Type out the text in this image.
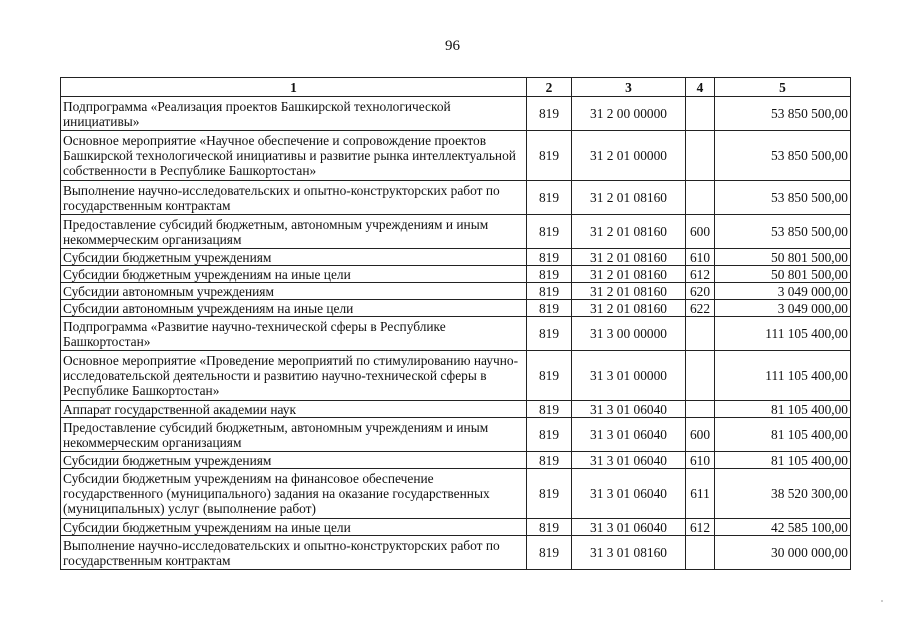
96
1	2	3	4	5
Подпрограмма «Реализация проектов Башкирской технологической инициативы»	819	31 2 00 00000		53 850 500,00
Основное мероприятие «Научное обеспечение и сопровождение проектов Башкирской технологической инициативы и развитие рынка интеллектуальной собственности в Республике Башкортостан»	819	31 2 01 00000		53 850 500,00
Выполнение научно-исследовательских и опытно-конструкторских работ по государственным контрактам	819	31 2 01 08160		53 850 500,00
Предоставление субсидий бюджетным, автономным учреждениям и иным некоммерческим организациям	819	31 2 01 08160	600	53 850 500,00
Субсидии бюджетным учреждениям	819	31 2 01 08160	610	50 801 500,00
Субсидии бюджетным учреждениям на иные цели	819	31 2 01 08160	612	50 801 500,00
Субсидии автономным учреждениям	819	31 2 01 08160	620	3 049 000,00
Субсидии автономным учреждениям на иные цели	819	31 2 01 08160	622	3 049 000,00
Подпрограмма «Развитие научно-технической сферы в Республике Башкортостан»	819	31 3 00 00000		111 105 400,00
Основное мероприятие «Проведение мероприятий по стимулированию научно-исследовательской деятельности и развитию научно-технической сферы в Республике Башкортостан»	819	31 3 01 00000		111 105 400,00
Аппарат государственной академии наук	819	31 3 01 06040		81 105 400,00
Предоставление субсидий бюджетным, автономным учреждениям и иным некоммерческим организациям	819	31 3 01 06040	600	81 105 400,00
Субсидии бюджетным учреждениям	819	31 3 01 06040	610	81 105 400,00
Субсидии бюджетным учреждениям на финансовое обеспечение государственного (муниципального) задания на оказание государственных (муниципальных) услуг (выполнение работ)	819	31 3 01 06040	611	38 520 300,00
Субсидии бюджетным учреждениям на иные цели	819	31 3 01 06040	612	42 585 100,00
Выполнение научно-исследовательских и опытно-конструкторских работ по государственным контрактам	819	31 3 01 08160		30 000 000,00
